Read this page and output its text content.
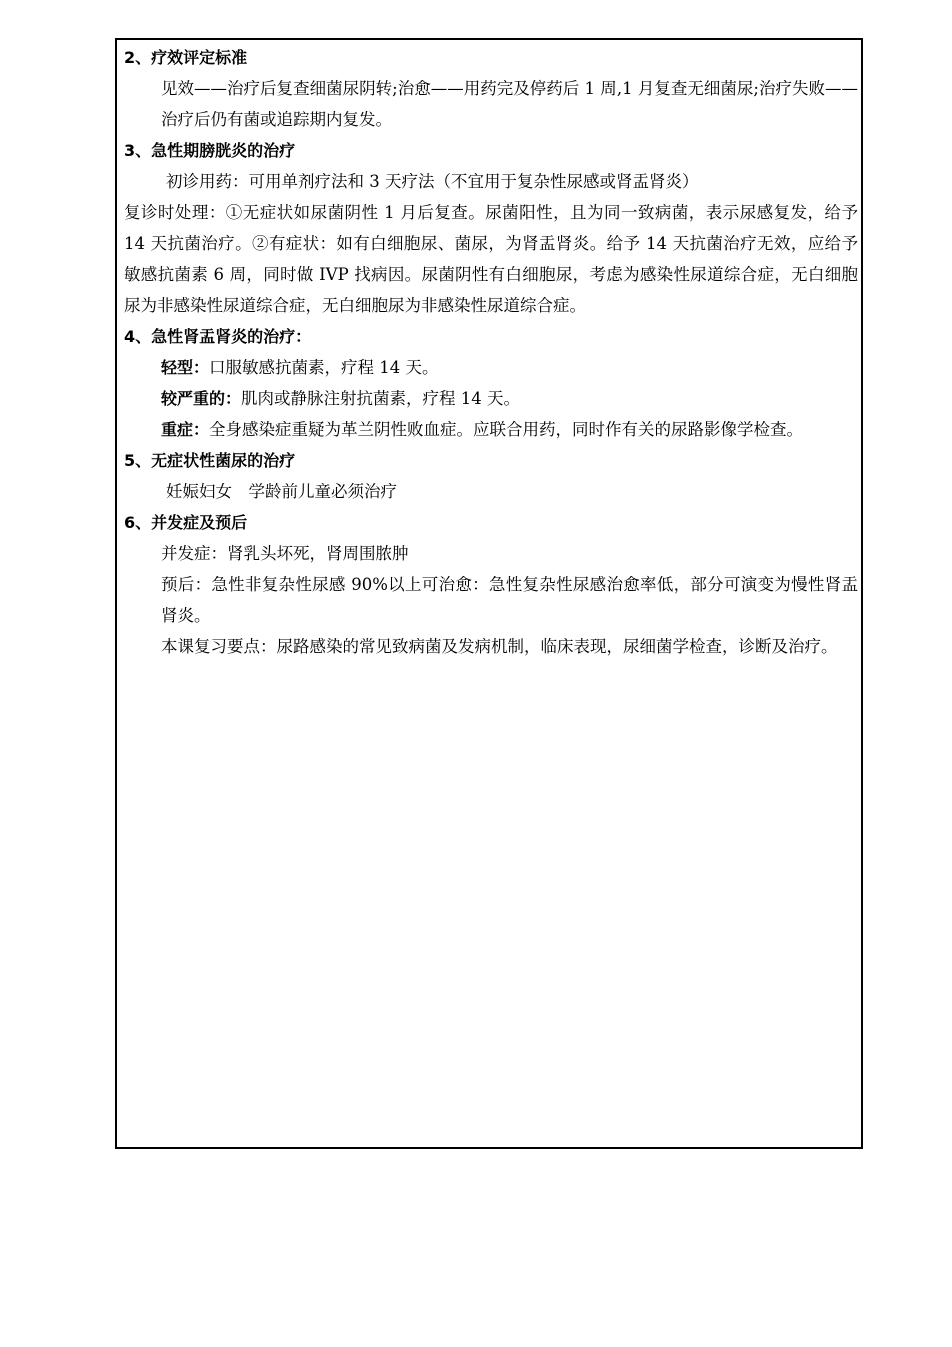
2、疗效评定标准

见效——治疗后复查细菌尿阴转;治愈——用药完及停药后 1 周,1 月复查无细菌尿;治疗失败——治疗后仍有菌或追踪期内复发。

3、急性期膀胱炎的治疗

初诊用药：可用单剂疗法和 3 天疗法（不宜用于复杂性尿感或肾盂肾炎）

复诊时处理：①无症状如尿菌阴性 1 月后复查。尿菌阳性，且为同一致病菌，表示尿感复发，给予 14 天抗菌治疗。②有症状：如有白细胞尿、菌尿，为肾盂肾炎。给予 14 天抗菌治疗无效，应给予敏感抗菌素 6 周，同时做 IVP 找病因。尿菌阴性有白细胞尿，考虑为感染性尿道综合症，无白细胞尿为非感染性尿道综合症，无白细胞尿为非感染性尿道综合症。

4、急性肾盂肾炎的治疗：

轻型：口服敏感抗菌素，疗程 14 天。

较严重的：肌肉或静脉注射抗菌素，疗程 14 天。

重症：全身感染症重疑为革兰阴性败血症。应联合用药，同时作有关的尿路影像学检查。

5、无症状性菌尿的治疗

妊娠妇女　学龄前儿童必须治疗

6、并发症及预后

并发症：肾乳头坏死，肾周围脓肿

预后：急性非复杂性尿感 90%以上可治愈：急性复杂性尿感治愈率低，部分可演变为慢性肾盂肾炎。

本课复习要点：尿路感染的常见致病菌及发病机制，临床表现，尿细菌学检查，诊断及治疗。
